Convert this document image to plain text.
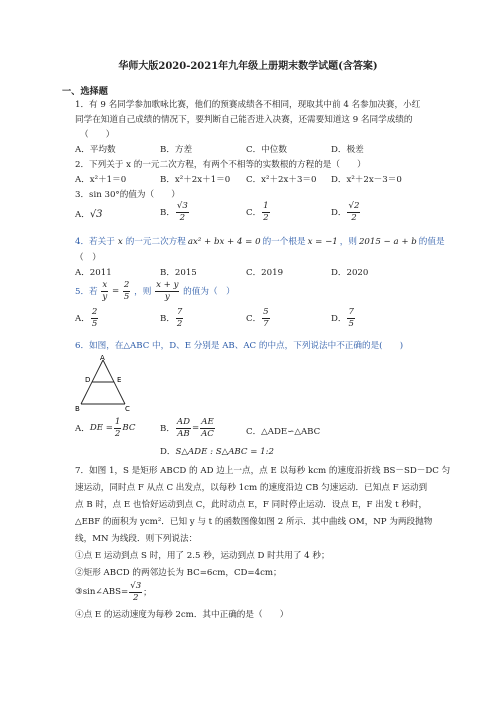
华师大版2020-2021年九年级上册期末数学试题(含答案)
一、选择题
1．有 9 名同学参加歌咏比赛，他们的预赛成绩各不相同，现取其中前 4 名参加决赛，小红
同学在知道自己成绩的情况下，要判断自己能否进入决赛，还需要知道这 9 名同学成绩的
（　　）
A．平均数	B．方差	C．中位数	D．极差
2．下列关于 x 的一元二次方程，有两个不相等的实数根的方程的是（　　）
A．x²＋1＝0	B．x²＋2x＋1＝0 C．x²＋2x＋3＝0 D．x²＋2x－3＝0
3．sin 30°的值为（　　）
A．√3	B． $\frac{√3}{2}$	C． $\frac{1}{2}$	D． $\frac{√2}{2}$
4．若关于 x 的一元二次方程 ax² + bx + 4 = 0 的一个根是 x = −1 ，则 2015 − a + b 的值是
（　）
A．2011	B．2015	C．2019	D．2020
5．若 $\frac{x}{y} = \frac{2}{5}$ ，则 $\frac{x + y}{y}$ 的值为（　）
A． $\frac{2}{5}$	B． $\frac{7}{2}$	C． $\frac{5}{7}$	D． $\frac{7}{5}$
6．如图，在△ABC 中，D、E 分别是 AB、AC 的中点，下列说法中不正确的是(　　)
A
D	E
B	C
A．DE = $\frac{1}{2}$ BC	B． $\frac{AD}{AB} = \frac{AE}{AC}$	C．△ADE∽△ABC
D．S△ADE : S△ABC = 1:2
7．如图 1，S 是矩形 ABCD 的 AD 边上一点，点 E 以每秒 kcm 的速度沿折线 BS－SD－DC 匀
速运动，同时点 F 从点 C 出发点，以每秒 1cm 的速度沿边 CB 匀速运动．已知点 F 运动到
点 B 时，点 E 也恰好运动到点 C，此时动点 E，F 同时停止运动．设点 E，F 出发 t 秒时，
△EBF 的面积为 ycm²．已知 y 与 t 的函数图像如图 2 所示．其中曲线 OM，NP 为两段抛物
线，MN 为线段．则下列说法：
①点 E 运动到点 S 时，用了 2.5 秒，运动到点 D 时共用了 4 秒；
②矩形 ABCD 的两邻边长为 BC=6cm，CD=4cm；
③sin∠ABS= $\frac{√3}{2}$ ；
④点 E 的运动速度为每秒 2cm．其中正确的是（　　）
